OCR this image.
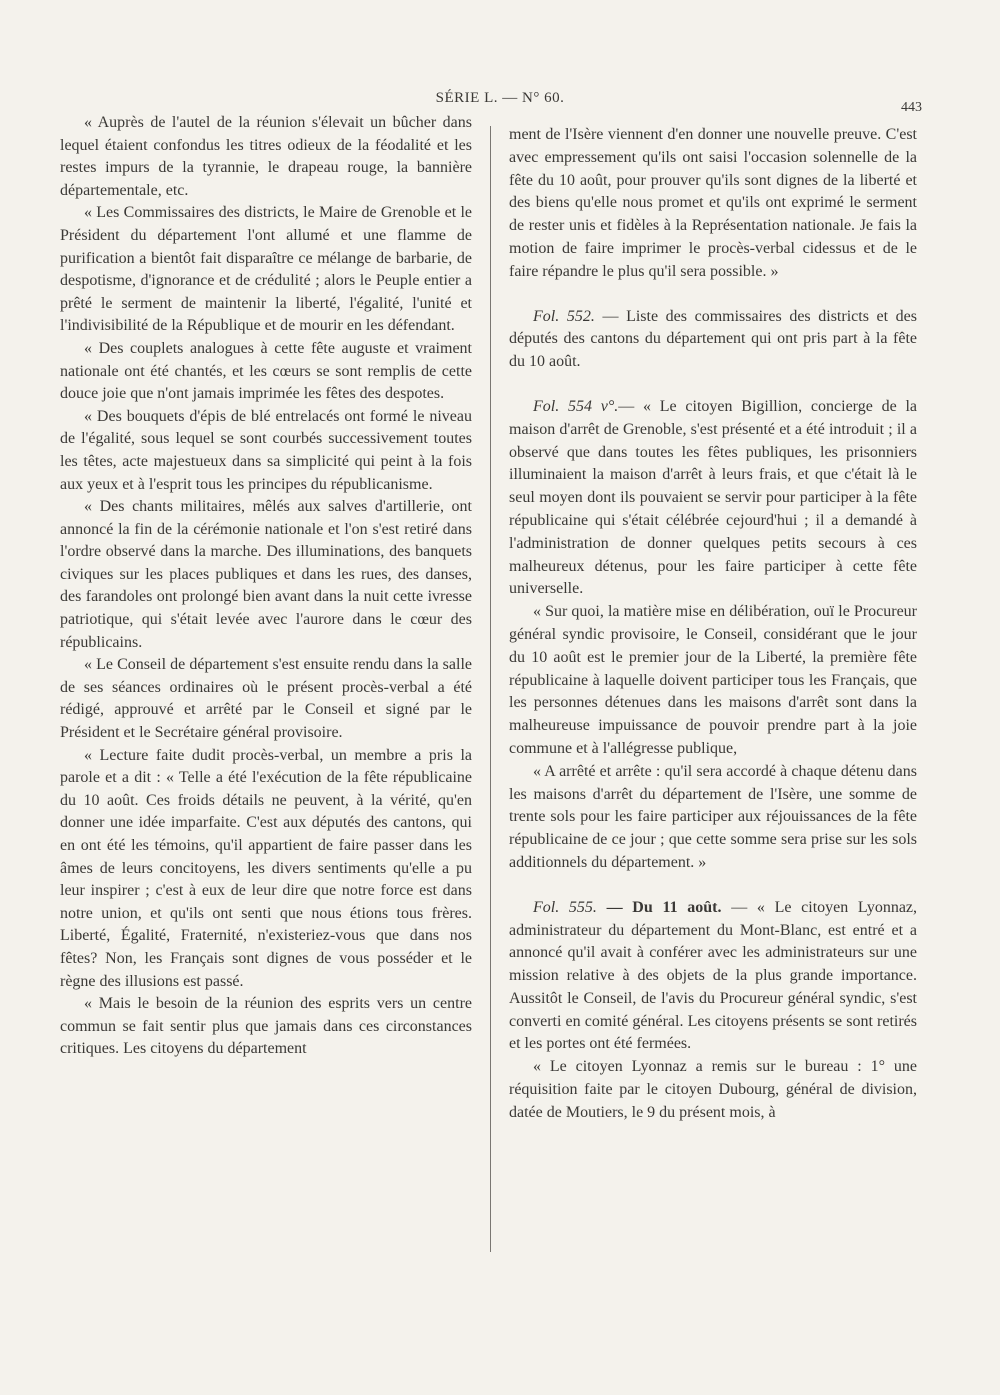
SÉRIE L. — N° 60.
443

« Auprès de l'autel de la réunion s'élevait un bûcher dans lequel étaient confondus les titres odieux de la féodalité et les restes impurs de la tyrannie, le drapeau rouge, la bannière départementale, etc.

« Les Commissaires des districts, le Maire de Grenoble et le Président du département l'ont allumé et une flamme de purification a bientôt fait disparaître ce mélange de barbarie, de despotisme, d'ignorance et de crédulité ; alors le Peuple entier a prêté le serment de maintenir la liberté, l'égalité, l'unité et l'indivisibilité de la République et de mourir en les défendant.

« Des couplets analogues à cette fête auguste et vraiment nationale ont été chantés, et les cœurs se sont remplis de cette douce joie que n'ont jamais imprimée les fêtes des despotes.

« Des bouquets d'épis de blé entrelacés ont formé le niveau de l'égalité, sous lequel se sont courbés successivement toutes les têtes, acte majestueux dans sa simplicité qui peint à la fois aux yeux et à l'esprit tous les principes du républicanisme.

« Des chants militaires, mêlés aux salves d'artillerie, ont annoncé la fin de la cérémonie nationale et l'on s'est retiré dans l'ordre observé dans la marche. Des illuminations, des banquets civiques sur les places publiques et dans les rues, des danses, des farandoles ont prolongé bien avant dans la nuit cette ivresse patriotique, qui s'était levée avec l'aurore dans le cœur des républicains.

« Le Conseil de département s'est ensuite rendu dans la salle de ses séances ordinaires où le présent procès-verbal a été rédigé, approuvé et arrêté par le Conseil et signé par le Président et le Secrétaire général provisoire.

« Lecture faite dudit procès-verbal, un membre a pris la parole et a dit : « Telle a été l'exécution de la fête républicaine du 10 août. Ces froids détails ne peuvent, à la vérité, qu'en donner une idée imparfaite. C'est aux députés des cantons, qui en ont été les témoins, qu'il appartient de faire passer dans les âmes de leurs concitoyens, les divers sentiments qu'elle a pu leur inspirer ; c'est à eux de leur dire que notre force est dans notre union, et qu'ils ont senti que nous étions tous frères. Liberté, Égalité, Fraternité, n'existeriez-vous que dans nos fêtes? Non, les Français sont dignes de vous posséder et le règne des illusions est passé.

« Mais le besoin de la réunion des esprits vers un centre commun se fait sentir plus que jamais dans ces circonstances critiques. Les citoyens du département

ment de l'Isère viennent d'en donner une nouvelle preuve. C'est avec empressement qu'ils ont saisi l'occasion solennelle de la fête du 10 août, pour prouver qu'ils sont dignes de la liberté et des biens qu'elle nous promet et qu'ils ont exprimé le serment de rester unis et fidèles à la Représentation nationale. Je fais la motion de faire imprimer le procès-verbal cidessus et de le faire répandre le plus qu'il sera possible. »

Fol. 552. — Liste des commissaires des districts et des députés des cantons du département qui ont pris part à la fête du 10 août.

Fol. 554 v°.— « Le citoyen Bigillion, concierge de la maison d'arrêt de Grenoble, s'est présenté et a été introduit ; il a observé que dans toutes les fêtes publiques, les prisonniers illuminaient la maison d'arrêt à leurs frais, et que c'était là le seul moyen dont ils pouvaient se servir pour participer à la fête républicaine qui s'était célébrée cejourd'hui ; il a demandé à l'administration de donner quelques petits secours à ces malheureux détenus, pour les faire participer à cette fête universelle.

« Sur quoi, la matière mise en délibération, ouï le Procureur général syndic provisoire, le Conseil, considérant que le jour du 10 août est le premier jour de la Liberté, la première fête républicaine à laquelle doivent participer tous les Français, que les personnes détenues dans les maisons d'arrêt sont dans la malheureuse impuissance de pouvoir prendre part à la joie commune et à l'allégresse publique,

« A arrêté et arrête : qu'il sera accordé à chaque détenu dans les maisons d'arrêt du département de l'Isère, une somme de trente sols pour les faire participer aux réjouissances de la fête républicaine de ce jour ; que cette somme sera prise sur les sols additionnels du département. »

Fol. 555. — Du 11 août. — « Le citoyen Lyonnaz, administrateur du département du Mont-Blanc, est entré et a annoncé qu'il avait à conférer avec les administrateurs sur une mission relative à des objets de la plus grande importance. Aussitôt le Conseil, de l'avis du Procureur général syndic, s'est converti en comité général. Les citoyens présents se sont retirés et les portes ont été fermées.

« Le citoyen Lyonnaz a remis sur le bureau : 1° une réquisition faite par le citoyen Dubourg, général de division, datée de Moutiers, le 9 du présent mois, à
